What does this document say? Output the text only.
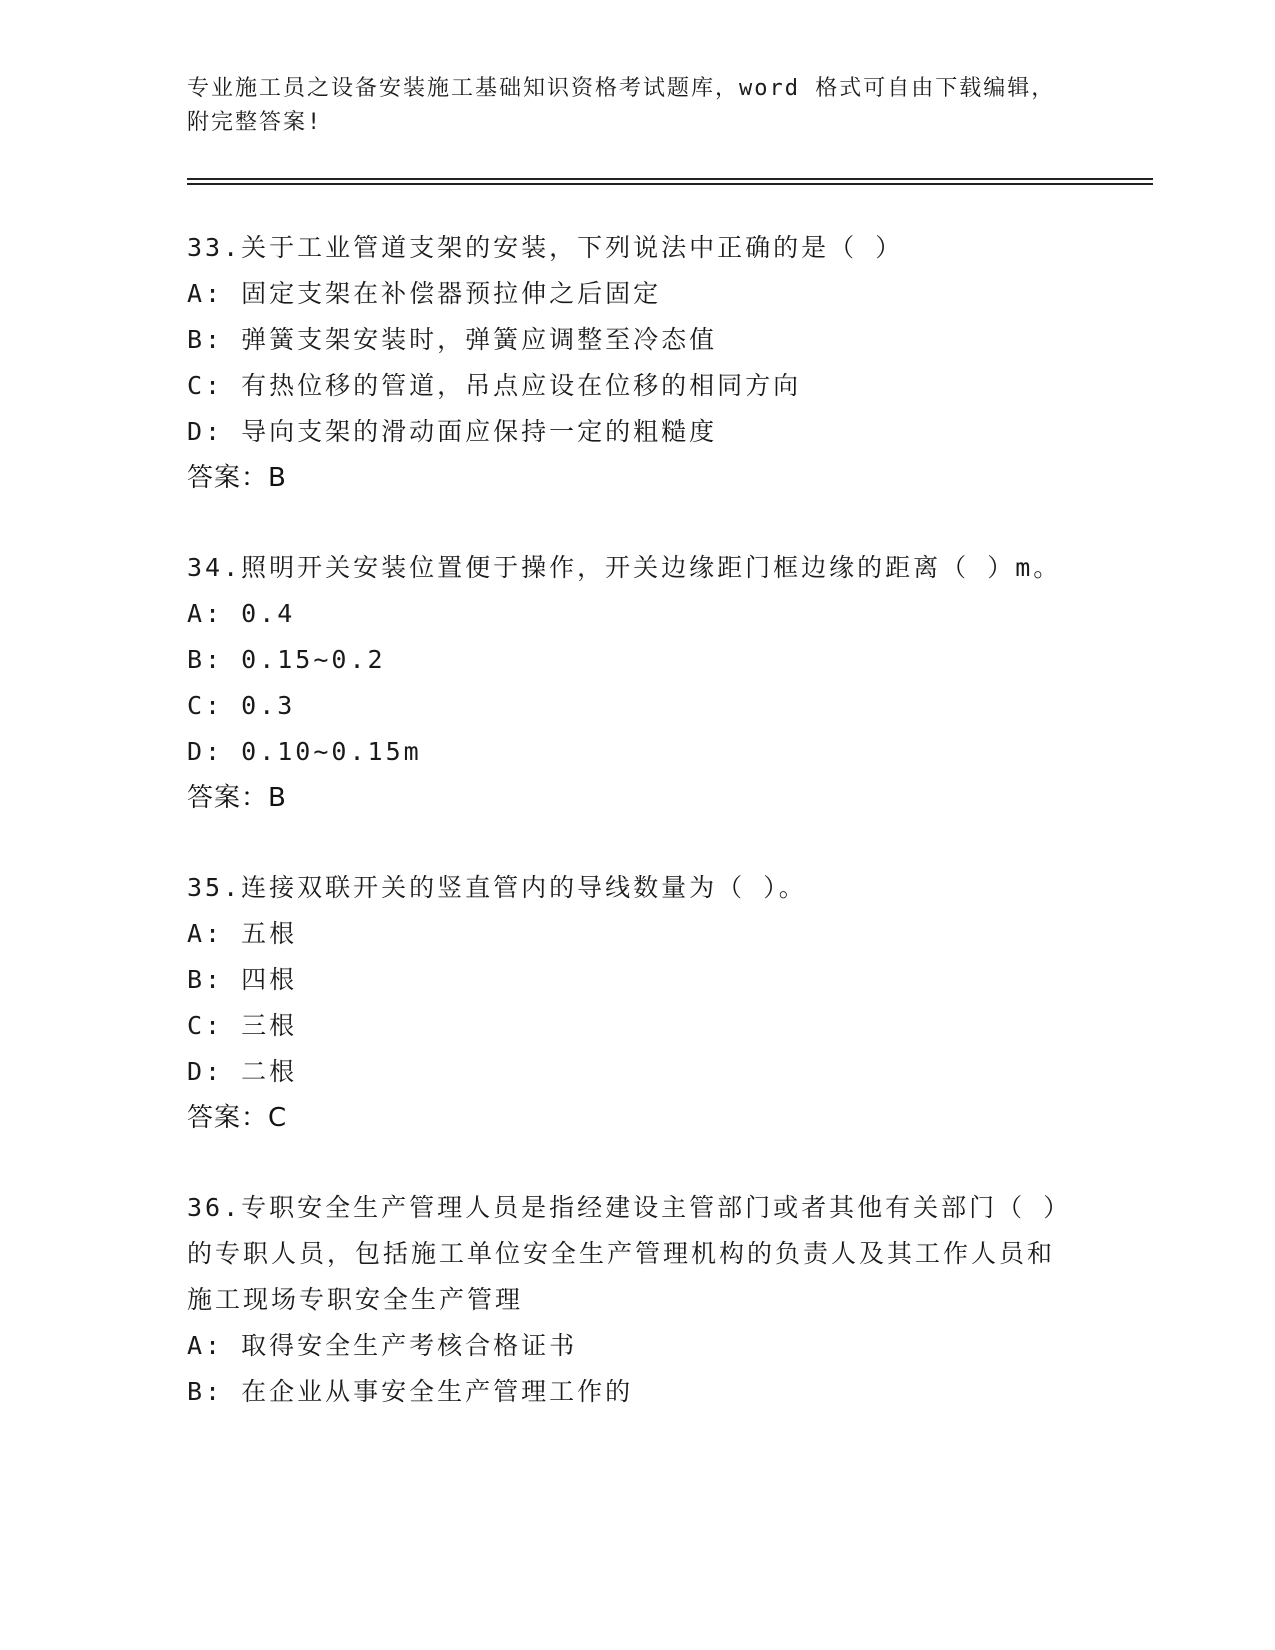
专业施工员之设备安装施工基础知识资格考试题库，word 格式可自由下载编辑，附完整答案!
33.关于工业管道支架的安装，下列说法中正确的是（ ）
A: 固定支架在补偿器预拉伸之后固定
B: 弹簧支架安装时，弹簧应调整至冷态值
C: 有热位移的管道，吊点应设在位移的相同方向
D: 导向支架的滑动面应保持一定的粗糙度
答案：B
34.照明开关安装位置便于操作，开关边缘距门框边缘的距离（ ）m。
A: 0.4
B: 0.15~0.2
C: 0.3
D: 0.10~0.15m
答案：B
35.连接双联开关的竖直管内的导线数量为（ ）。
A: 五根
B: 四根
C: 三根
D: 二根
答案：C
36.专职安全生产管理人员是指经建设主管部门或者其他有关部门（ ）的专职人员，包括施工单位安全生产管理机构的负责人及其工作人员和施工现场专职安全生产管理
A: 取得安全生产考核合格证书
B: 在企业从事安全生产管理工作的
